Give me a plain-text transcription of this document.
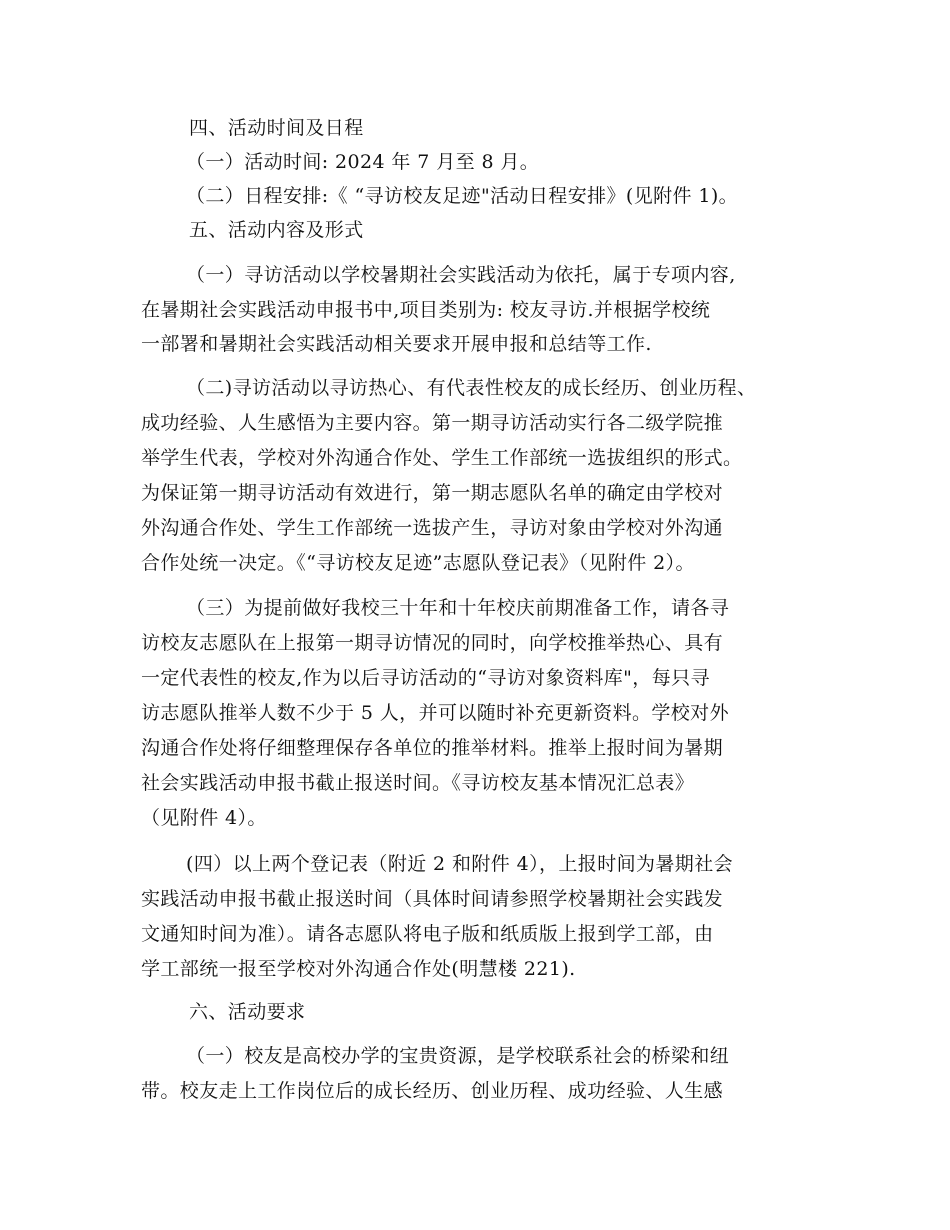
四、活动时间及日程
（一）活动时间: 2024 年 7 月至 8 月。
（二）日程安排:《 “寻访校友足迹"活动日程安排》(见附件 1)。
五、活动内容及形式
（一）寻访活动以学校暑期社会实践活动为依托，属于专项内容,
在暑期社会实践活动申报书中,项目类别为: 校友寻访.并根据学校统
一部署和暑期社会实践活动相关要求开展申报和总结等工作.
（二)寻访活动以寻访热心、有代表性校友的成长经历、创业历程、
成功经验、人生感悟为主要内容。第一期寻访活动实行各二级学院推
举学生代表，学校对外沟通合作处、学生工作部统一选拔组织的形式。
为保证第一期寻访活动有效进行，第一期志愿队名单的确定由学校对
外沟通合作处、学生工作部统一选拔产生，寻访对象由学校对外沟通
合作处统一决定。《“寻访校友足迹”志愿队登记表》（见附件 2）。
（三）为提前做好我校三十年和十年校庆前期准备工作，请各寻
访校友志愿队在上报第一期寻访情况的同时，向学校推举热心、具有
一定代表性的校友,作为以后寻访活动的“寻访对象资料库"，每只寻
访志愿队推举人数不少于 5 人，并可以随时补充更新资料。学校对外
沟通合作处将仔细整理保存各单位的推举材料。推举上报时间为暑期
社会实践活动申报书截止报送时间。《寻访校友基本情况汇总表》
（见附件 4）。
(四）以上两个登记表（附近 2 和附件 4），上报时间为暑期社会
实践活动申报书截止报送时间（具体时间请参照学校暑期社会实践发
文通知时间为准）。请各志愿队将电子版和纸质版上报到学工部，由
学工部统一报至学校对外沟通合作处(明慧楼 221).
六、活动要求
（一）校友是高校办学的宝贵资源，是学校联系社会的桥梁和纽
带。校友走上工作岗位后的成长经历、创业历程、成功经验、人生感
